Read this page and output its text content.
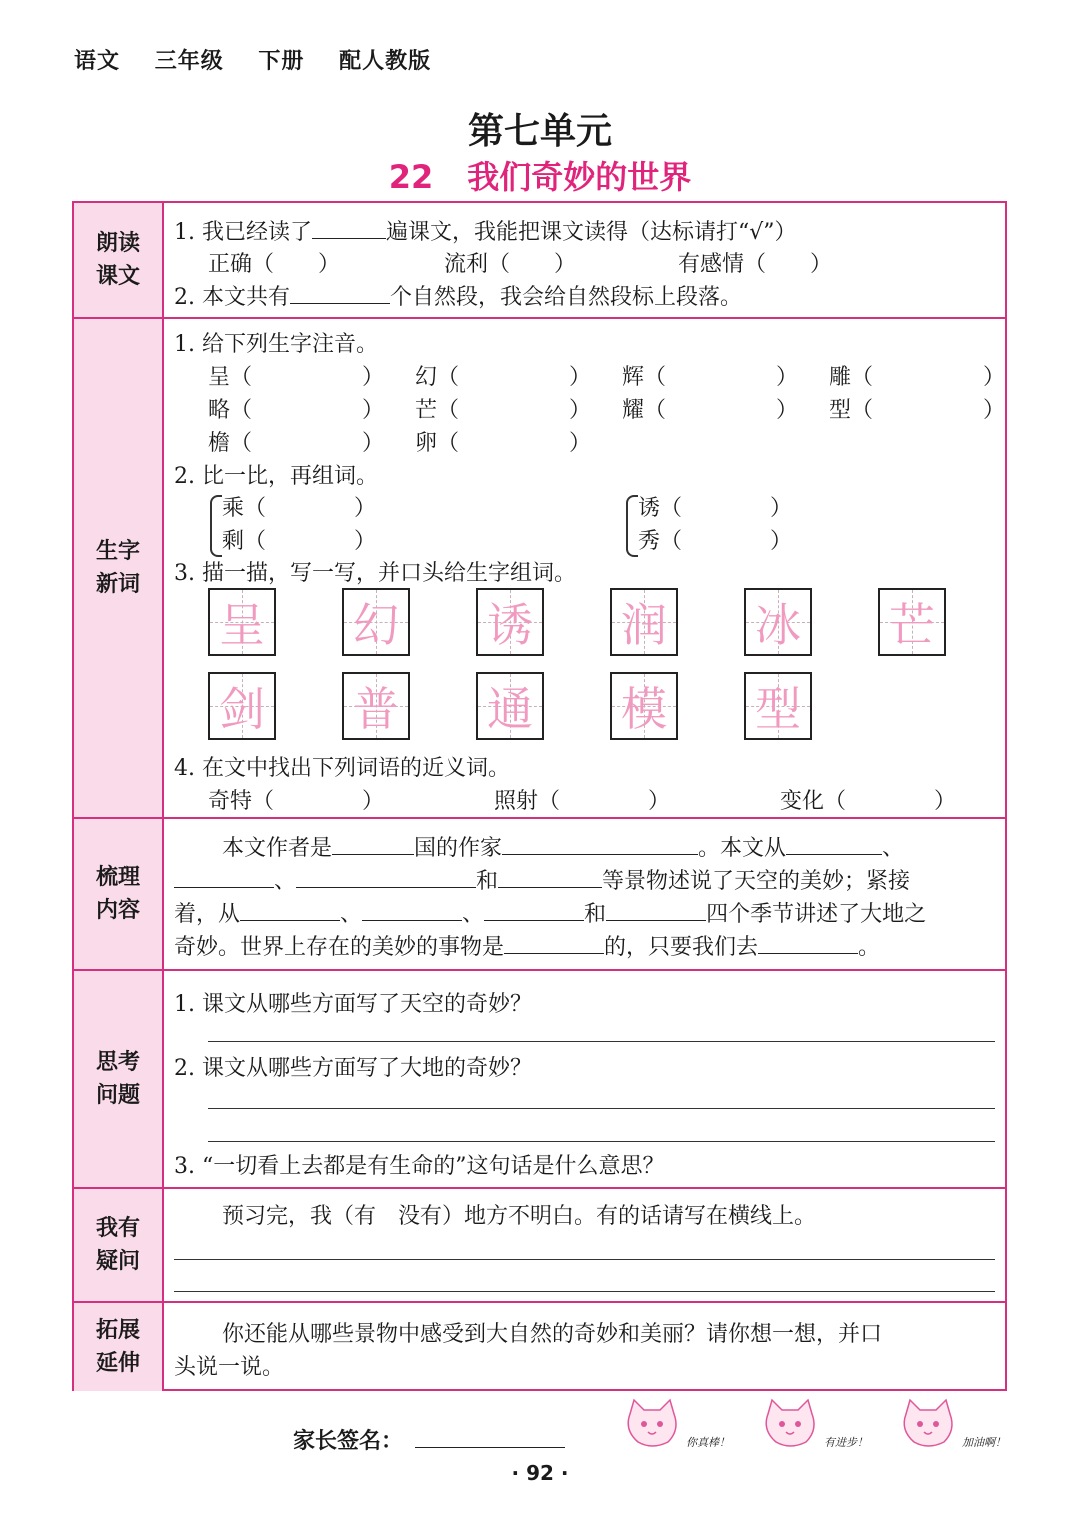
语文 三年级 下册 配人教版
第七单元
22 我们奇妙的世界
朗读
课文
1. 我已经读了	遍课文，我能把课文读得（达标请打“√”）
正确（　　）	流利（　　）	有感情（　　）
2. 本文共有	个自然段，我会给自然段标上段落。
生字
新词
1. 给下列生字注音。
呈（　　　　　） 幻（　　　　　） 辉（　　　　　） 雕（　　　　　）
略（　　　　　） 芒（　　　　　） 耀（　　　　　） 型（　　　　　）
檐（　　　　　） 卵（　　　　　）
2. 比一比，再组词。
乘（　　　　）
剩（　　　　）
诱（　　　　）
秀（　　　　）
3. 描一描，写一写，并口头给生字组词。
呈 幻 诱 润 冰 芒
剑 普 通 模 型
4. 在文中找出下列词语的近义词。
奇特（　　　　）	照射（　　　　）	变化（　　　　）
梳理
内容
本文作者是	国的作家	。本文从	、
、	和	等景物述说了天空的美妙；紧接
着，从	、	、	和	四个季节讲述了大地之
奇妙。世界上存在的美妙的事物是	的，只要我们去	。
思考
问题
1. 课文从哪些方面写了天空的奇妙？
2. 课文从哪些方面写了大地的奇妙？
3. “一切看上去都是有生命的”这句话是什么意思？
我有
疑问
预习完，我（有　没有）地方不明白。有的话请写在横线上。
拓展
延伸
你还能从哪些景物中感受到大自然的奇妙和美丽？请你想一想，并口
头说一说。
家长签名：	你真棒！	有进步！	加油啊！
· 92 ·
